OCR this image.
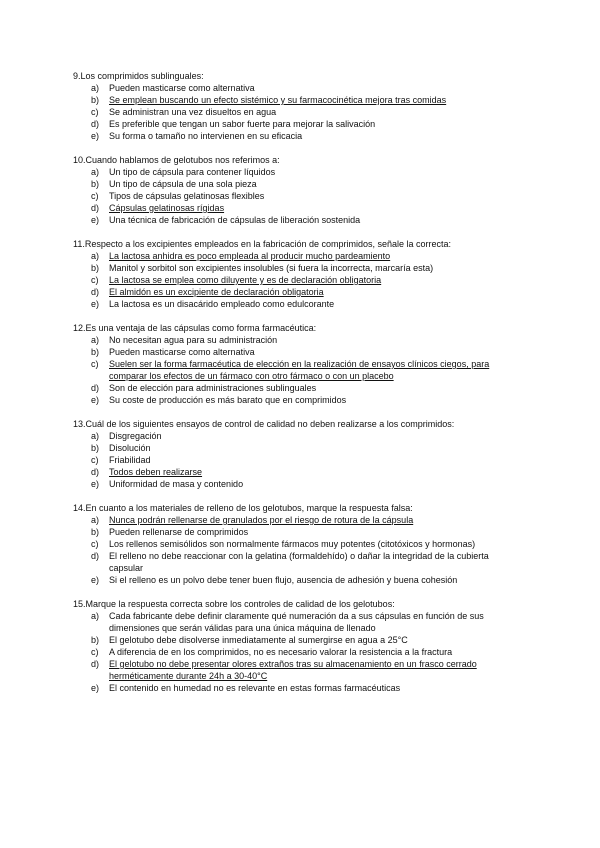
9. Los comprimidos sublinguales:
a)	Pueden masticarse como alternativa
b)	Se emplean buscando un efecto sistémico y su farmacocinética mejora tras comidas
c)	Se administran una vez disueltos en agua
d)	Es preferible que tengan un sabor fuerte para mejorar la salivación
e)	Su forma o tamaño no intervienen en su eficacia
10. Cuando hablamos de gelotubos nos referimos a:
a)	Un tipo de cápsula para contener líquidos
b)	Un tipo de cápsula de una sola pieza
c)	Tipos de cápsulas gelatinosas flexibles
d)	Cápsulas gelatinosas rígidas
e)	Una técnica de fabricación de cápsulas de liberación sostenida
11. Respecto a los excipientes empleados en la fabricación de comprimidos, señale la correcta:
a)	La lactosa anhidra es poco empleada al producir mucho pardeamiento
b)	Manitol y sorbitol son excipientes insolubles (si fuera la incorrecta, marcaría esta)
c)	La lactosa se emplea como diluyente y es de declaración obligatoria
d)	El almidón es un excipiente de declaración obligatoria
e)	La lactosa es un disacárido empleado como edulcorante
12. Es una ventaja de las cápsulas como forma farmacéutica:
a)	No necesitan agua para su administración
b)	Pueden masticarse como alternativa
c)	Suelen ser la forma farmacéutica de elección en la realización de ensayos clínicos ciegos, para comparar los efectos de un fármaco con otro fármaco o con un placebo
d)	Son de elección para administraciones sublinguales
e)	Su coste de producción es más barato que en comprimidos
13. Cuál de los siguientes ensayos de control de calidad no deben realizarse a los comprimidos:
a)	Disgregación
b)	Disolución
c)	Friabilidad
d)	Todos deben realizarse
e)	Uniformidad de masa y contenido
14. En cuanto a los materiales de relleno de los gelotubos, marque la respuesta falsa:
a)	Nunca podrán rellenarse de granulados por el riesgo de rotura de la cápsula
b)	Pueden rellenarse de comprimidos
c)	Los rellenos semisólidos son normalmente fármacos muy potentes (citotóxicos y hormonas)
d)	El relleno no debe reaccionar con la gelatina (formaldehído) o dañar la integridad de la cubierta capsular
e)	Si el relleno es un polvo debe tener buen flujo, ausencia de adhesión y buena cohesión
15. Marque la respuesta correcta sobre los controles de calidad de los gelotubos:
a)	Cada fabricante debe definir claramente qué numeración da a sus cápsulas en función de sus dimensiones que serán válidas para una única máquina de llenado
b)	El gelotubo debe disolverse inmediatamente al sumergirse en agua a 25°C
c)	A diferencia de en los comprimidos, no es necesario valorar la resistencia a la fractura
d)	El gelotubo no debe presentar olores extraños tras su almacenamiento en un frasco cerrado herméticamente durante 24h a 30-40°C
e)	El contenido en humedad no es relevante en estas formas farmacéuticas
